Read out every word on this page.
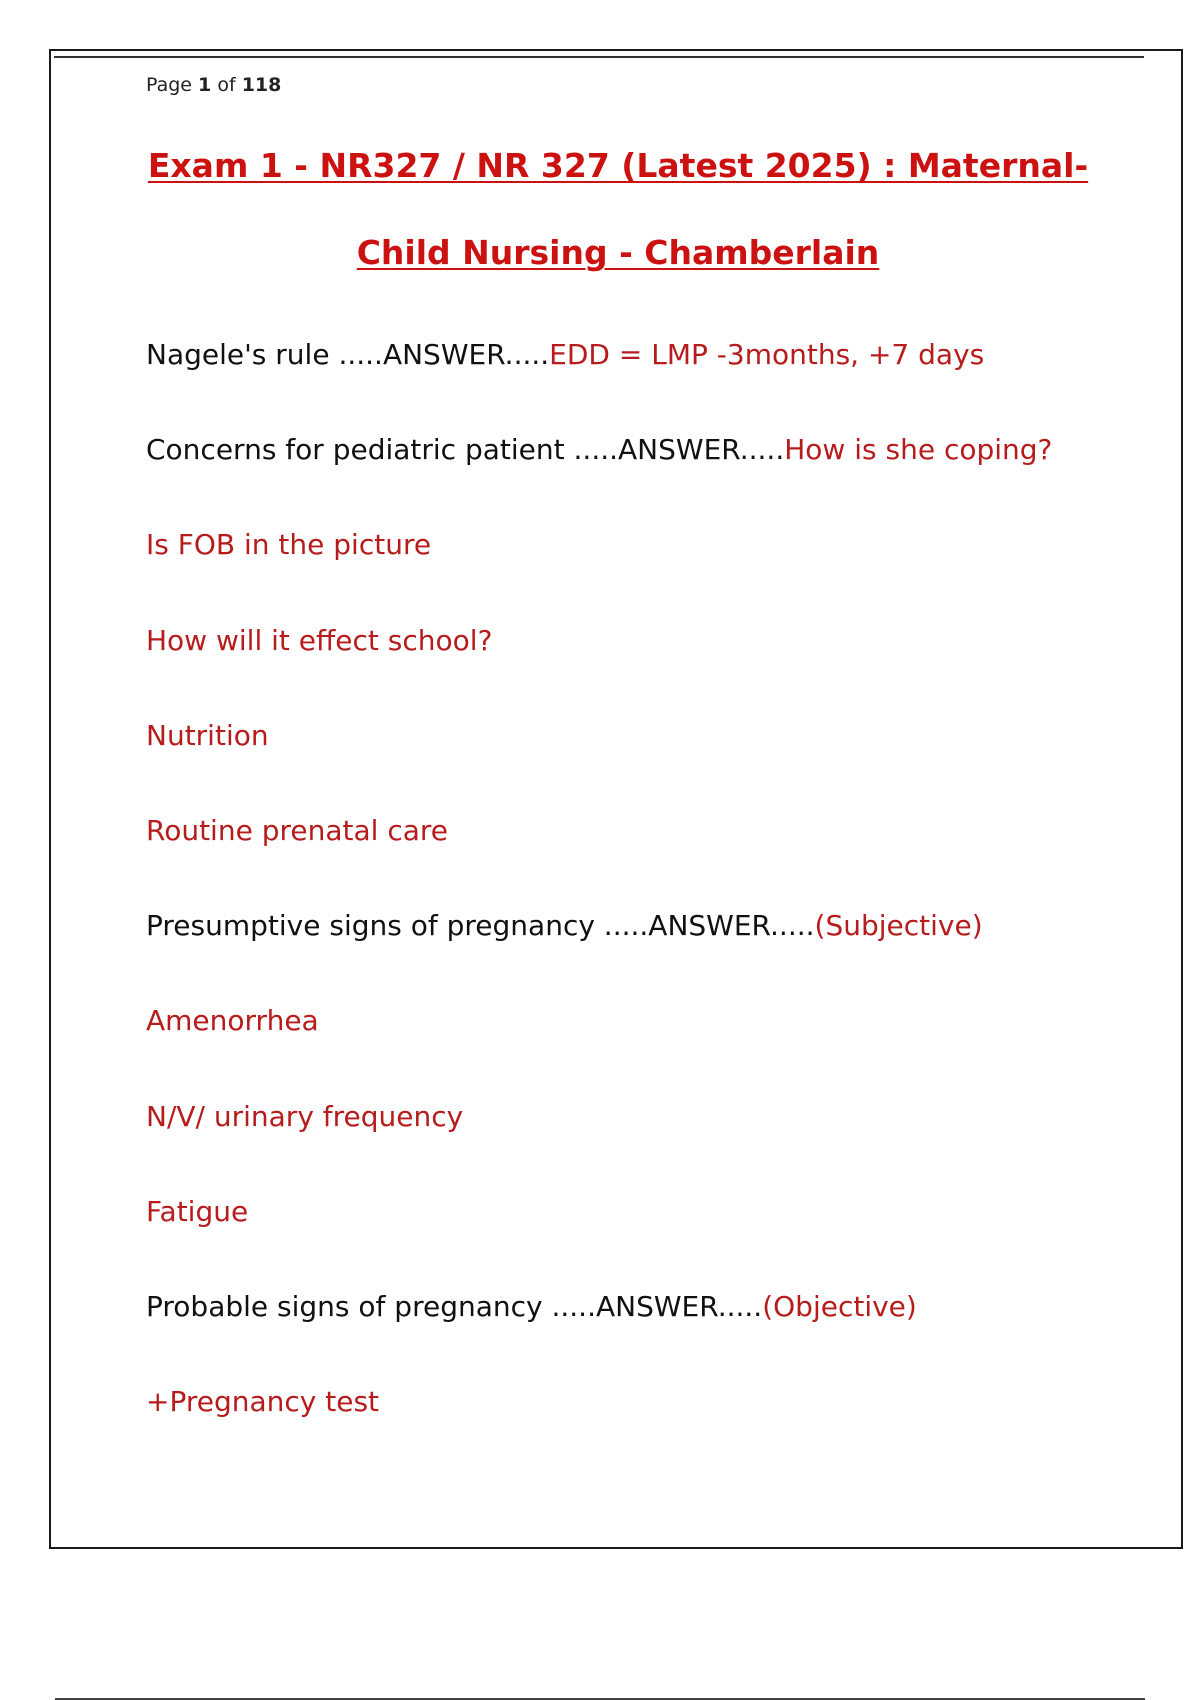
Page 1 of 118
Exam 1 - NR327 / NR 327 (Latest 2025) : Maternal-
Child Nursing - Chamberlain
Nagele's rule .....ANSWER.....EDD = LMP -3months, +7 days
Concerns for pediatric patient .....ANSWER.....How is she coping?
Is FOB in the picture
How will it effect school?
Nutrition
Routine prenatal care
Presumptive signs of pregnancy .....ANSWER.....(Subjective)
Amenorrhea
N/V/ urinary frequency
Fatigue
Probable signs of pregnancy .....ANSWER.....(Objective)
+Pregnancy test
